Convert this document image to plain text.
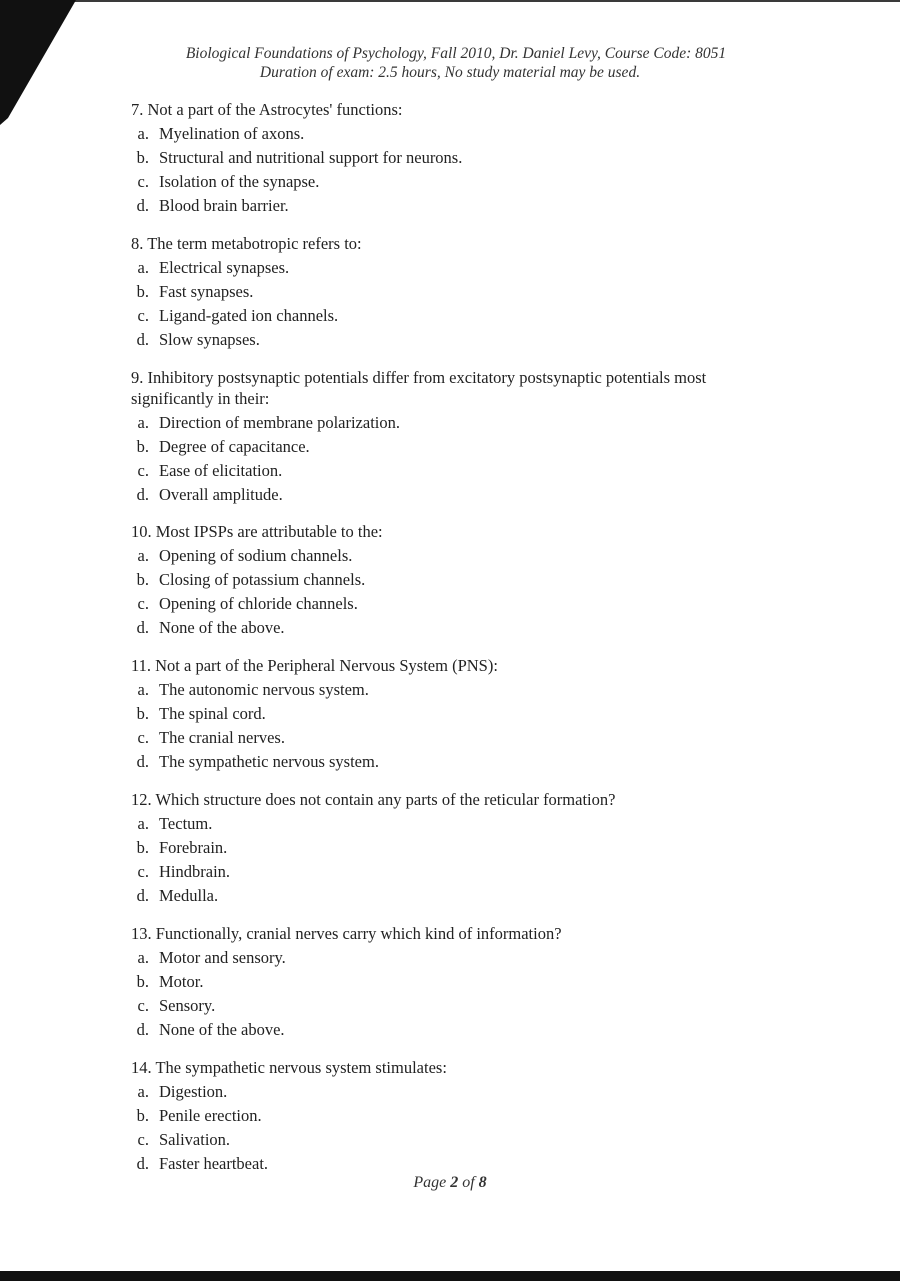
Biological Foundations of Psychology, Fall 2010, Dr. Daniel Levy, Course Code: 8051
Duration of exam: 2.5 hours, No study material may be used.
7. Not a part of the Astrocytes' functions:
a. Myelination of axons.
b. Structural and nutritional support for neurons.
c. Isolation of the synapse.
d. Blood brain barrier.
8. The term metabotropic refers to:
a. Electrical synapses.
b. Fast synapses.
c. Ligand-gated ion channels.
d. Slow synapses.
9. Inhibitory postsynaptic potentials differ from excitatory postsynaptic potentials most significantly in their:
a. Direction of membrane polarization.
b. Degree of capacitance.
c. Ease of elicitation.
d. Overall amplitude.
10. Most IPSPs are attributable to the:
a. Opening of sodium channels.
b. Closing of potassium channels.
c. Opening of chloride channels.
d. None of the above.
11. Not a part of the Peripheral Nervous System (PNS):
a. The autonomic nervous system.
b. The spinal cord.
c. The cranial nerves.
d. The sympathetic nervous system.
12. Which structure does not contain any parts of the reticular formation?
a. Tectum.
b. Forebrain.
c. Hindbrain.
d. Medulla.
13. Functionally, cranial nerves carry which kind of information?
a. Motor and sensory.
b. Motor.
c. Sensory.
d. None of the above.
14. The sympathetic nervous system stimulates:
a. Digestion.
b. Penile erection.
c. Salivation.
d. Faster heartbeat.
Page 2 of 8
